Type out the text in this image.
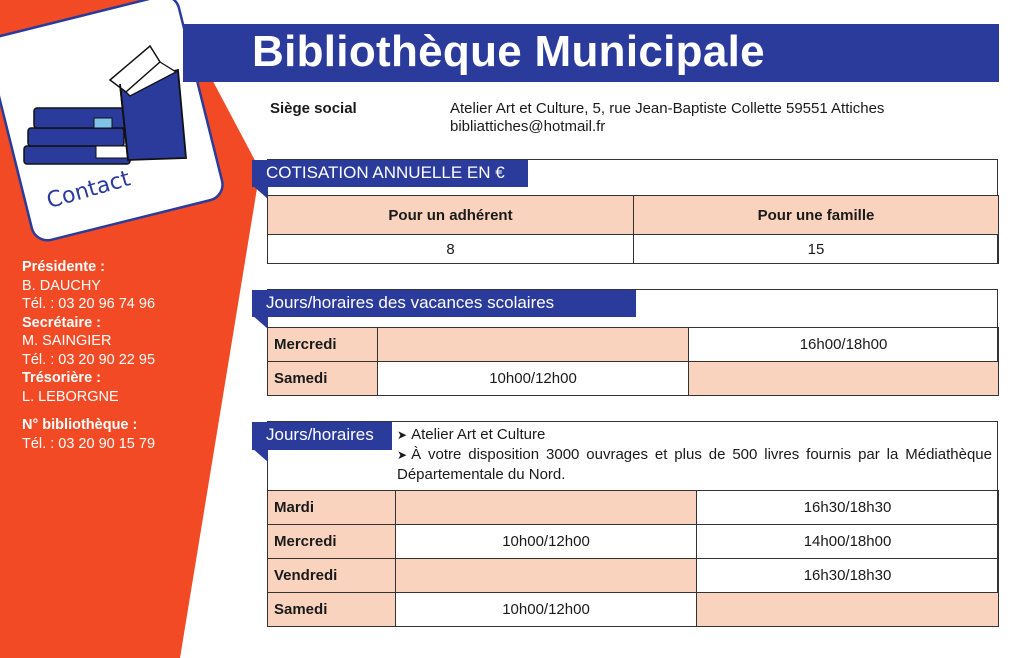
Contact
Présidente :
B. DAUCHY
Tél. : 03 20 96 74 96
Secrétaire :
M. SAINGIER
Tél. : 03 20 90 22 95
Trésorière :
L. LEBORGNE
N° bibliothèque :
Tél. : 03 20 90 15 79
Bibliothèque Municipale
Siège social	Atelier Art et Culture, 5, rue Jean-Baptiste Collette 59551 Attiches
bibliattiches@hotmail.fr
COTISATION ANNUELLE EN €
Pour un adhérent	Pour une famille
8	15
Jours/horaires des vacances scolaires
Mercredi		16h00/18h00
Samedi	10h00/12h00	
Jours/horaires	➤ Atelier Art et Culture
➤ À votre disposition 3000 ouvrages et plus de 500 livres fournis par la Médiathèque Départementale du Nord.
Mardi		16h30/18h30
Mercredi	10h00/12h00	14h00/18h00
Vendredi		16h30/18h30
Samedi	10h00/12h00	
